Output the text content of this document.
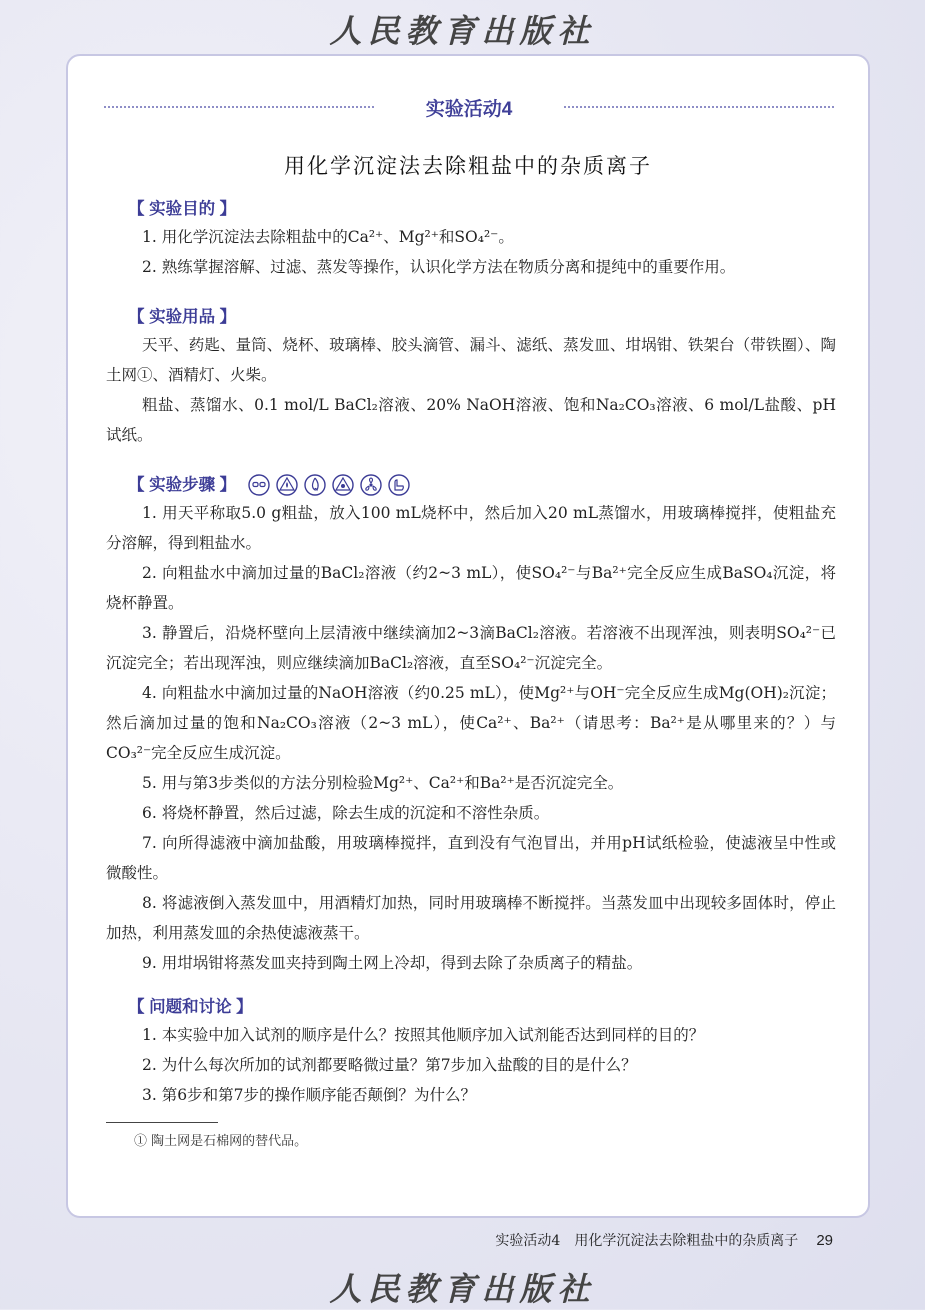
人民教育出版社
实验活动4
用化学沉淀法去除粗盐中的杂质离子
【 实验目的 】
1. 用化学沉淀法去除粗盐中的Ca²⁺、Mg²⁺和SO₄²⁻。
2. 熟练掌握溶解、过滤、蒸发等操作，认识化学方法在物质分离和提纯中的重要作用。
【 实验用品 】
天平、药匙、量筒、烧杯、玻璃棒、胶头滴管、漏斗、滤纸、蒸发皿、坩埚钳、铁架台（带铁圈）、陶土网①、酒精灯、火柴。
粗盐、蒸馏水、0.1 mol/L BaCl₂溶液、20% NaOH溶液、饱和Na₂CO₃溶液、6 mol/L盐酸、pH试纸。
【 实验步骤 】
1. 用天平称取5.0 g粗盐，放入100 mL烧杯中，然后加入20 mL蒸馏水，用玻璃棒搅拌，使粗盐充分溶解，得到粗盐水。
2. 向粗盐水中滴加过量的BaCl₂溶液（约2~3 mL），使SO₄²⁻与Ba²⁺完全反应生成BaSO₄沉淀，将烧杯静置。
3. 静置后，沿烧杯壁向上层清液中继续滴加2~3滴BaCl₂溶液。若溶液不出现浑浊，则表明SO₄²⁻已沉淀完全；若出现浑浊，则应继续滴加BaCl₂溶液，直至SO₄²⁻沉淀完全。
4. 向粗盐水中滴加过量的NaOH溶液（约0.25 mL），使Mg²⁺与OH⁻完全反应生成Mg(OH)₂沉淀；然后滴加过量的饱和Na₂CO₃溶液（2~3 mL），使Ca²⁺、Ba²⁺（请思考：Ba²⁺是从哪里来的？）与CO₃²⁻完全反应生成沉淀。
5. 用与第3步类似的方法分别检验Mg²⁺、Ca²⁺和Ba²⁺是否沉淀完全。
6. 将烧杯静置，然后过滤，除去生成的沉淀和不溶性杂质。
7. 向所得滤液中滴加盐酸，用玻璃棒搅拌，直到没有气泡冒出，并用pH试纸检验，使滤液呈中性或微酸性。
8. 将滤液倒入蒸发皿中，用酒精灯加热，同时用玻璃棒不断搅拌。当蒸发皿中出现较多固体时，停止加热，利用蒸发皿的余热使滤液蒸干。
9. 用坩埚钳将蒸发皿夹持到陶土网上冷却，得到去除了杂质离子的精盐。
【 问题和讨论 】
1. 本实验中加入试剂的顺序是什么？按照其他顺序加入试剂能否达到同样的目的？
2. 为什么每次所加的试剂都要略微过量？第7步加入盐酸的目的是什么？
3. 第6步和第7步的操作顺序能否颠倒？为什么？
① 陶土网是石棉网的替代品。
实验活动4　用化学沉淀法去除粗盐中的杂质离子 29
人民教育出版社
